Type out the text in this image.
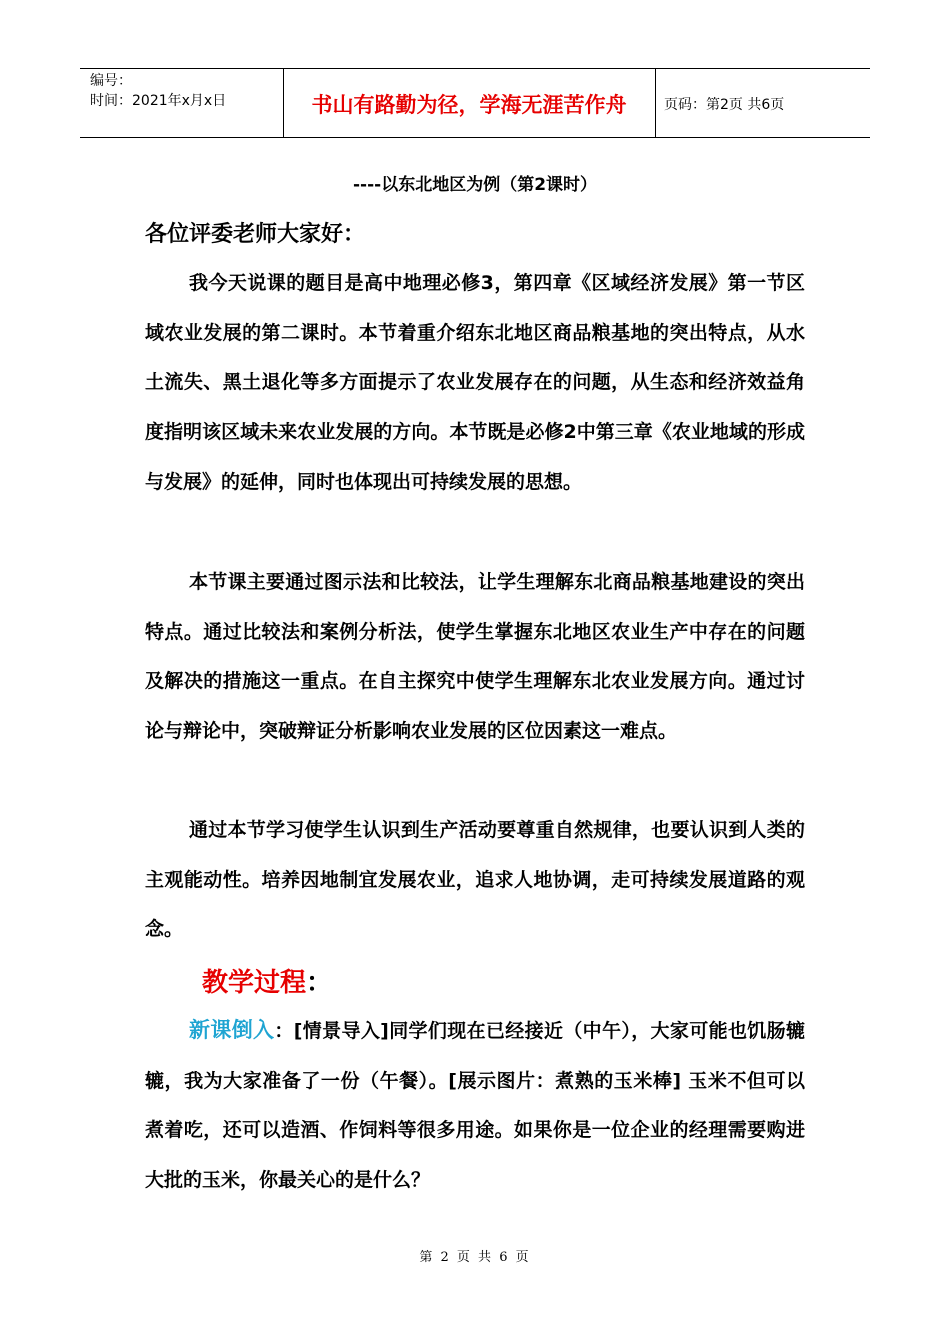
编号：
时间：2021年x月x日	书山有路勤为径，学海无涯苦作舟	页码：第2页 共6页
----以东北地区为例（第2课时）
各位评委老师大家好：

我今天说课的题目是高中地理必修3，第四章《区域经济发展》第一节区域农业发展的第二课时。本节着重介绍东北地区商品粮基地的突出特点，从水土流失、黑土退化等多方面提示了农业发展存在的问题，从生态和经济效益角度指明该区域未来农业发展的方向。本节既是必修2中第三章《农业地域的形成与发展》的延伸，同时也体现出可持续发展的思想。

本节课主要通过图示法和比较法，让学生理解东北商品粮基地建设的突出特点。通过比较法和案例分析法，使学生掌握东北地区农业生产中存在的问题及解决的措施这一重点。在自主探究中使学生理解东北农业发展方向。通过讨论与辩论中，突破辩证分析影响农业发展的区位因素这一难点。

通过本节学习使学生认识到生产活动要尊重自然规律，也要认识到人类的主观能动性。培养因地制宜发展农业，追求人地协调，走可持续发展道路的观念。

教学过程：

新课倒入：[情景导入]同学们现在已经接近（中午），大家可能也饥肠辘辘，我为大家准备了一份（午餐）。[展示图片：煮熟的玉米棒] 玉米不但可以煮着吃，还可以造酒、作饲料等很多用途。如果你是一位企业的经理需要购进大批的玉米，你最关心的是什么？

第 2 页 共 6 页
